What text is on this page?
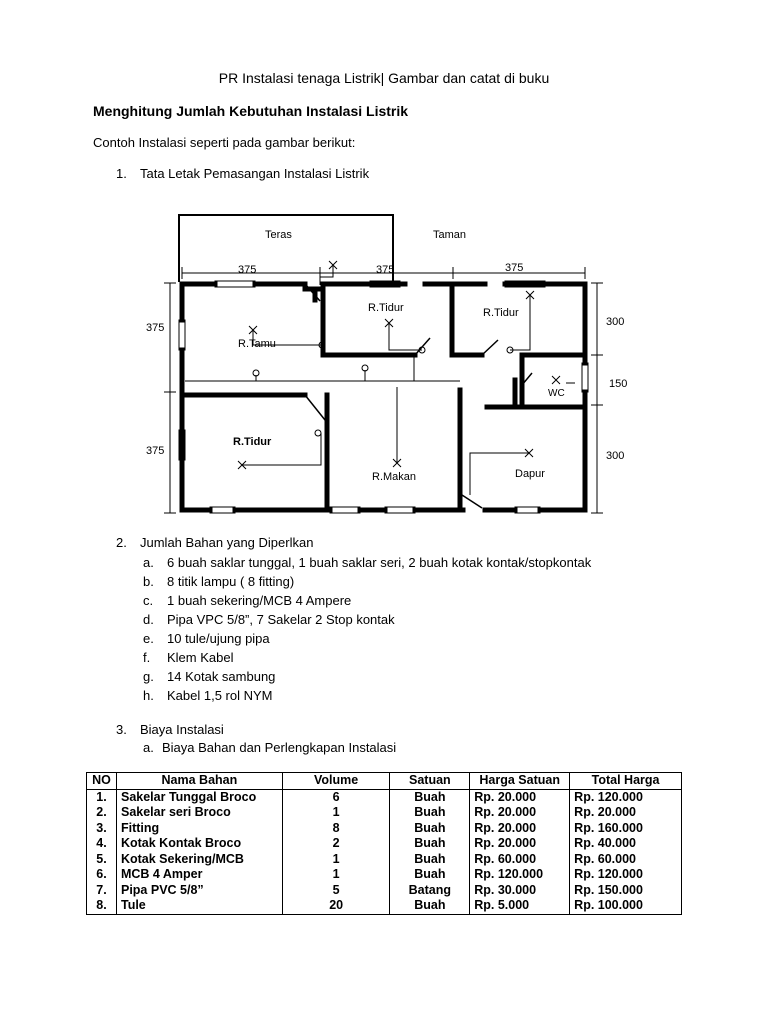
PR Instalasi tenaga Listrik| Gambar dan catat di buku
Menghitung Jumlah Kebutuhan Instalasi Listrik
Contoh Instalasi seperti pada gambar berikut:
1. Tata Letak Pemasangan Instalasi Listrik
Teras	Taman
R.Tamu
R.Tidur	R.Tidur
R.Tidur
R.Makan	Dapur
WC
375	375	375
375
375
300
150
300
2. Jumlah Bahan yang Diperlkan
a. 6 buah saklar tunggal, 1 buah saklar seri, 2 buah kotak kontak/stopkontak
b. 8 titik lampu ( 8 fitting)
c. 1 buah sekering/MCB 4 Ampere
d. Pipa VPC 5/8”, 7 Sakelar 2 Stop kontak
e. 10 tule/ujung pipa
f. Klem Kabel
g. 14 Kotak sambung
h. Kabel 1,5 rol NYM
3. Biaya Instalasi
a. Biaya Bahan dan Perlengkapan Instalasi
NO	Nama Bahan	Volume	Satuan	Harga Satuan	Total Harga
1.	Sakelar Tunggal Broco	6	Buah	Rp. 20.000	Rp. 120.000
2.	Sakelar seri Broco	1	Buah	Rp. 20.000	Rp. 20.000
3.	Fitting	8	Buah	Rp. 20.000	Rp. 160.000
4.	Kotak Kontak Broco	2	Buah	Rp. 20.000	Rp. 40.000
5.	Kotak Sekering/MCB	1	Buah	Rp. 60.000	Rp. 60.000
6.	MCB 4 Amper	1	Buah	Rp. 120.000	Rp. 120.000
7.	Pipa PVC 5/8”	5	Batang	Rp. 30.000	Rp. 150.000
8.	Tule	20	Buah	Rp. 5.000	Rp. 100.000
